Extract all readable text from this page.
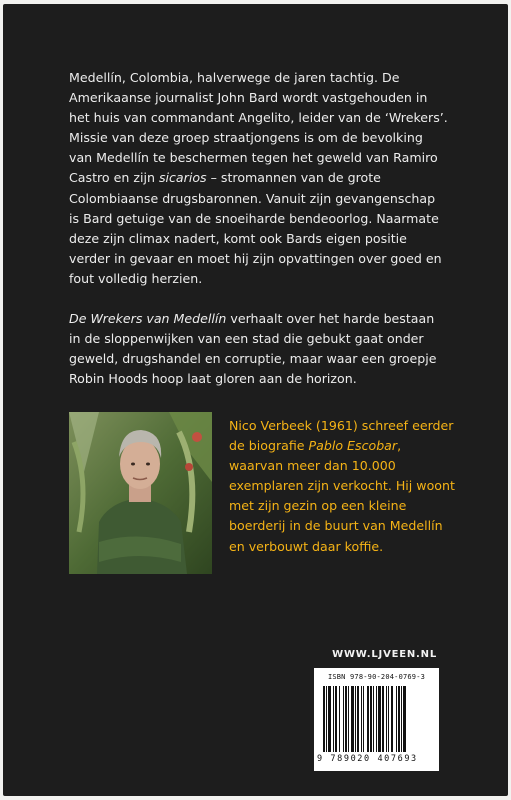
Medellín, Colombia, halverwege de jaren tachtig. De Amerikaanse journalist John Bard wordt vastgehouden in het huis van commandant Angelito, leider van de ‘Wrekers’. Missie van deze groep straatjongens is om de bevolking van Medellín te beschermen tegen het geweld van Ramiro Castro en zijn sicarios – stromannen van de grote Colombiaanse drugsbaronnen. Vanuit zijn gevangenschap is Bard getuige van de snoeiharde bendeoorlog. Naarmate deze zijn climax nadert, komt ook Bards eigen positie verder in gevaar en moet hij zijn opvattingen over goed en fout volledig herzien.

De Wrekers van Medellín verhaalt over het harde bestaan in de sloppenwijken van een stad die gebukt gaat onder geweld, drugshandel en corruptie, maar waar een groepje Robin Hoods hoop laat gloren aan de horizon.

Nico Verbeek (1961) schreef eerder de biografie Pablo Escobar, waarvan meer dan 10.000 exemplaren zijn verkocht. Hij woont met zijn gezin op een kleine boerderij in de buurt van Medellín en verbouwt daar koffie.
WWW.LJVEEN.NL
ISBN 978-90-204-0769-3
9 789020 407693
